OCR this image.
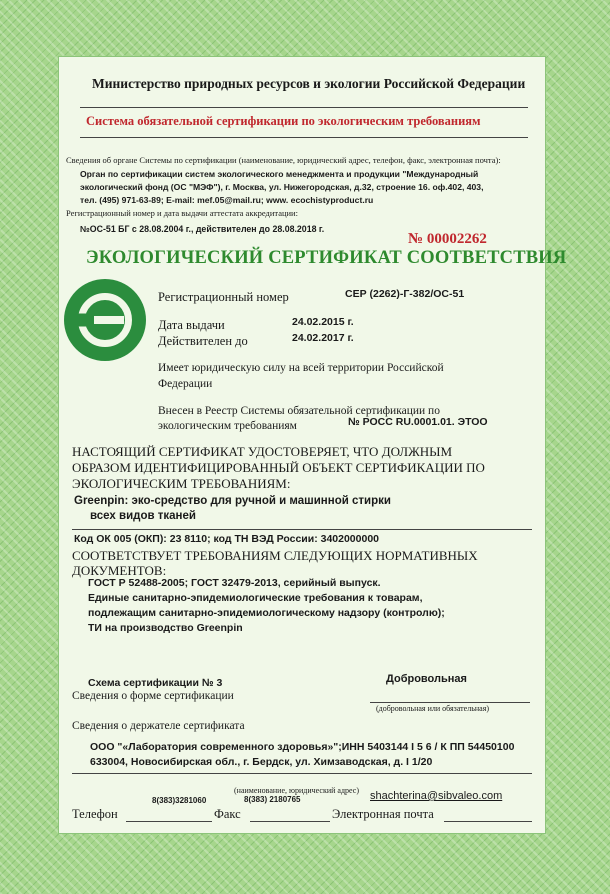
Министерство природных ресурсов и экологии Российской Федерации
Система обязательной сертификации по экологическим требованиям
Сведения об органе Системы по сертификации (наименование, юридический адрес, телефон, факс, электронная почта):
Орган по сертификации систем экологического менеджмента и продукции "Международный
экологический фонд (ОС "МЭФ"), г. Москва, ул. Нижегородская, д.32, строение 16. оф.402, 403,
тел. (495) 971-63-89; E-mail: mef.05@mail.ru; www. ecochistyproduct.ru
Регистрационный номер и дата выдачи аттестата аккредитации:
№ОС-51 БГ с 28.08.2004 г., действителен до 28.08.2018 г.
№ 00002262
ЭКОЛОГИЧЕСКИЙ СЕРТИФИКАТ СООТВЕТСТВИЯ
Регистрационный номер	СЕР (2262)-Г-382/ОС-51
Дата выдачи	24.02.2015 г.
Действителен до	24.02.2017 г.
Имеет юридическую силу на всей территории Российской
Федерации
Внесен в Реестр Системы обязательной сертификации по
экологическим требованиям	№ РОСС RU.0001.01. ЭТОО
НАСТОЯЩИЙ СЕРТИФИКАТ УДОСТОВЕРЯЕТ, ЧТО ДОЛЖНЫМ
ОБРАЗОМ ИДЕНТИФИЦИРОВАННЫЙ ОБЪЕКТ СЕРТИФИКАЦИИ ПО
ЭКОЛОГИЧЕСКИМ ТРЕБОВАНИЯМ:
Greenpin: эко-средство для ручной и машинной стирки
всех видов тканей
Код ОК 005 (ОКП): 23 8110; код ТН ВЭД России: 3402000000
СООТВЕТСТВУЕТ ТРЕБОВАНИЯМ СЛЕДУЮЩИХ НОРМАТИВНЫХ
ДОКУМЕНТОВ:
ГОСТ Р 52488-2005; ГОСТ 32479-2013, серийный выпуск.
Единые санитарно-эпидемиологические требования к товарам,
подлежащим санитарно-эпидемиологическому надзору (контролю);
ТИ на производство Greenpin
Схема сертификации № 3	Добровольная
Сведения о форме сертификации
(добровольная или обязательная)
Сведения о держателе сертификата
ООО "«Лаборатория современного здоровья»";ИНН 5403144 I 5 6 / К ПП 54450100
633004, Новосибирская обл., г. Бердск, ул. Химзаводская, д. I 1/20
(наименование, юридический адрес)
8(383)3281060	8(383) 2180765	shachterina@sibvaleo.com
Телефон	Факс	Электронная почта
